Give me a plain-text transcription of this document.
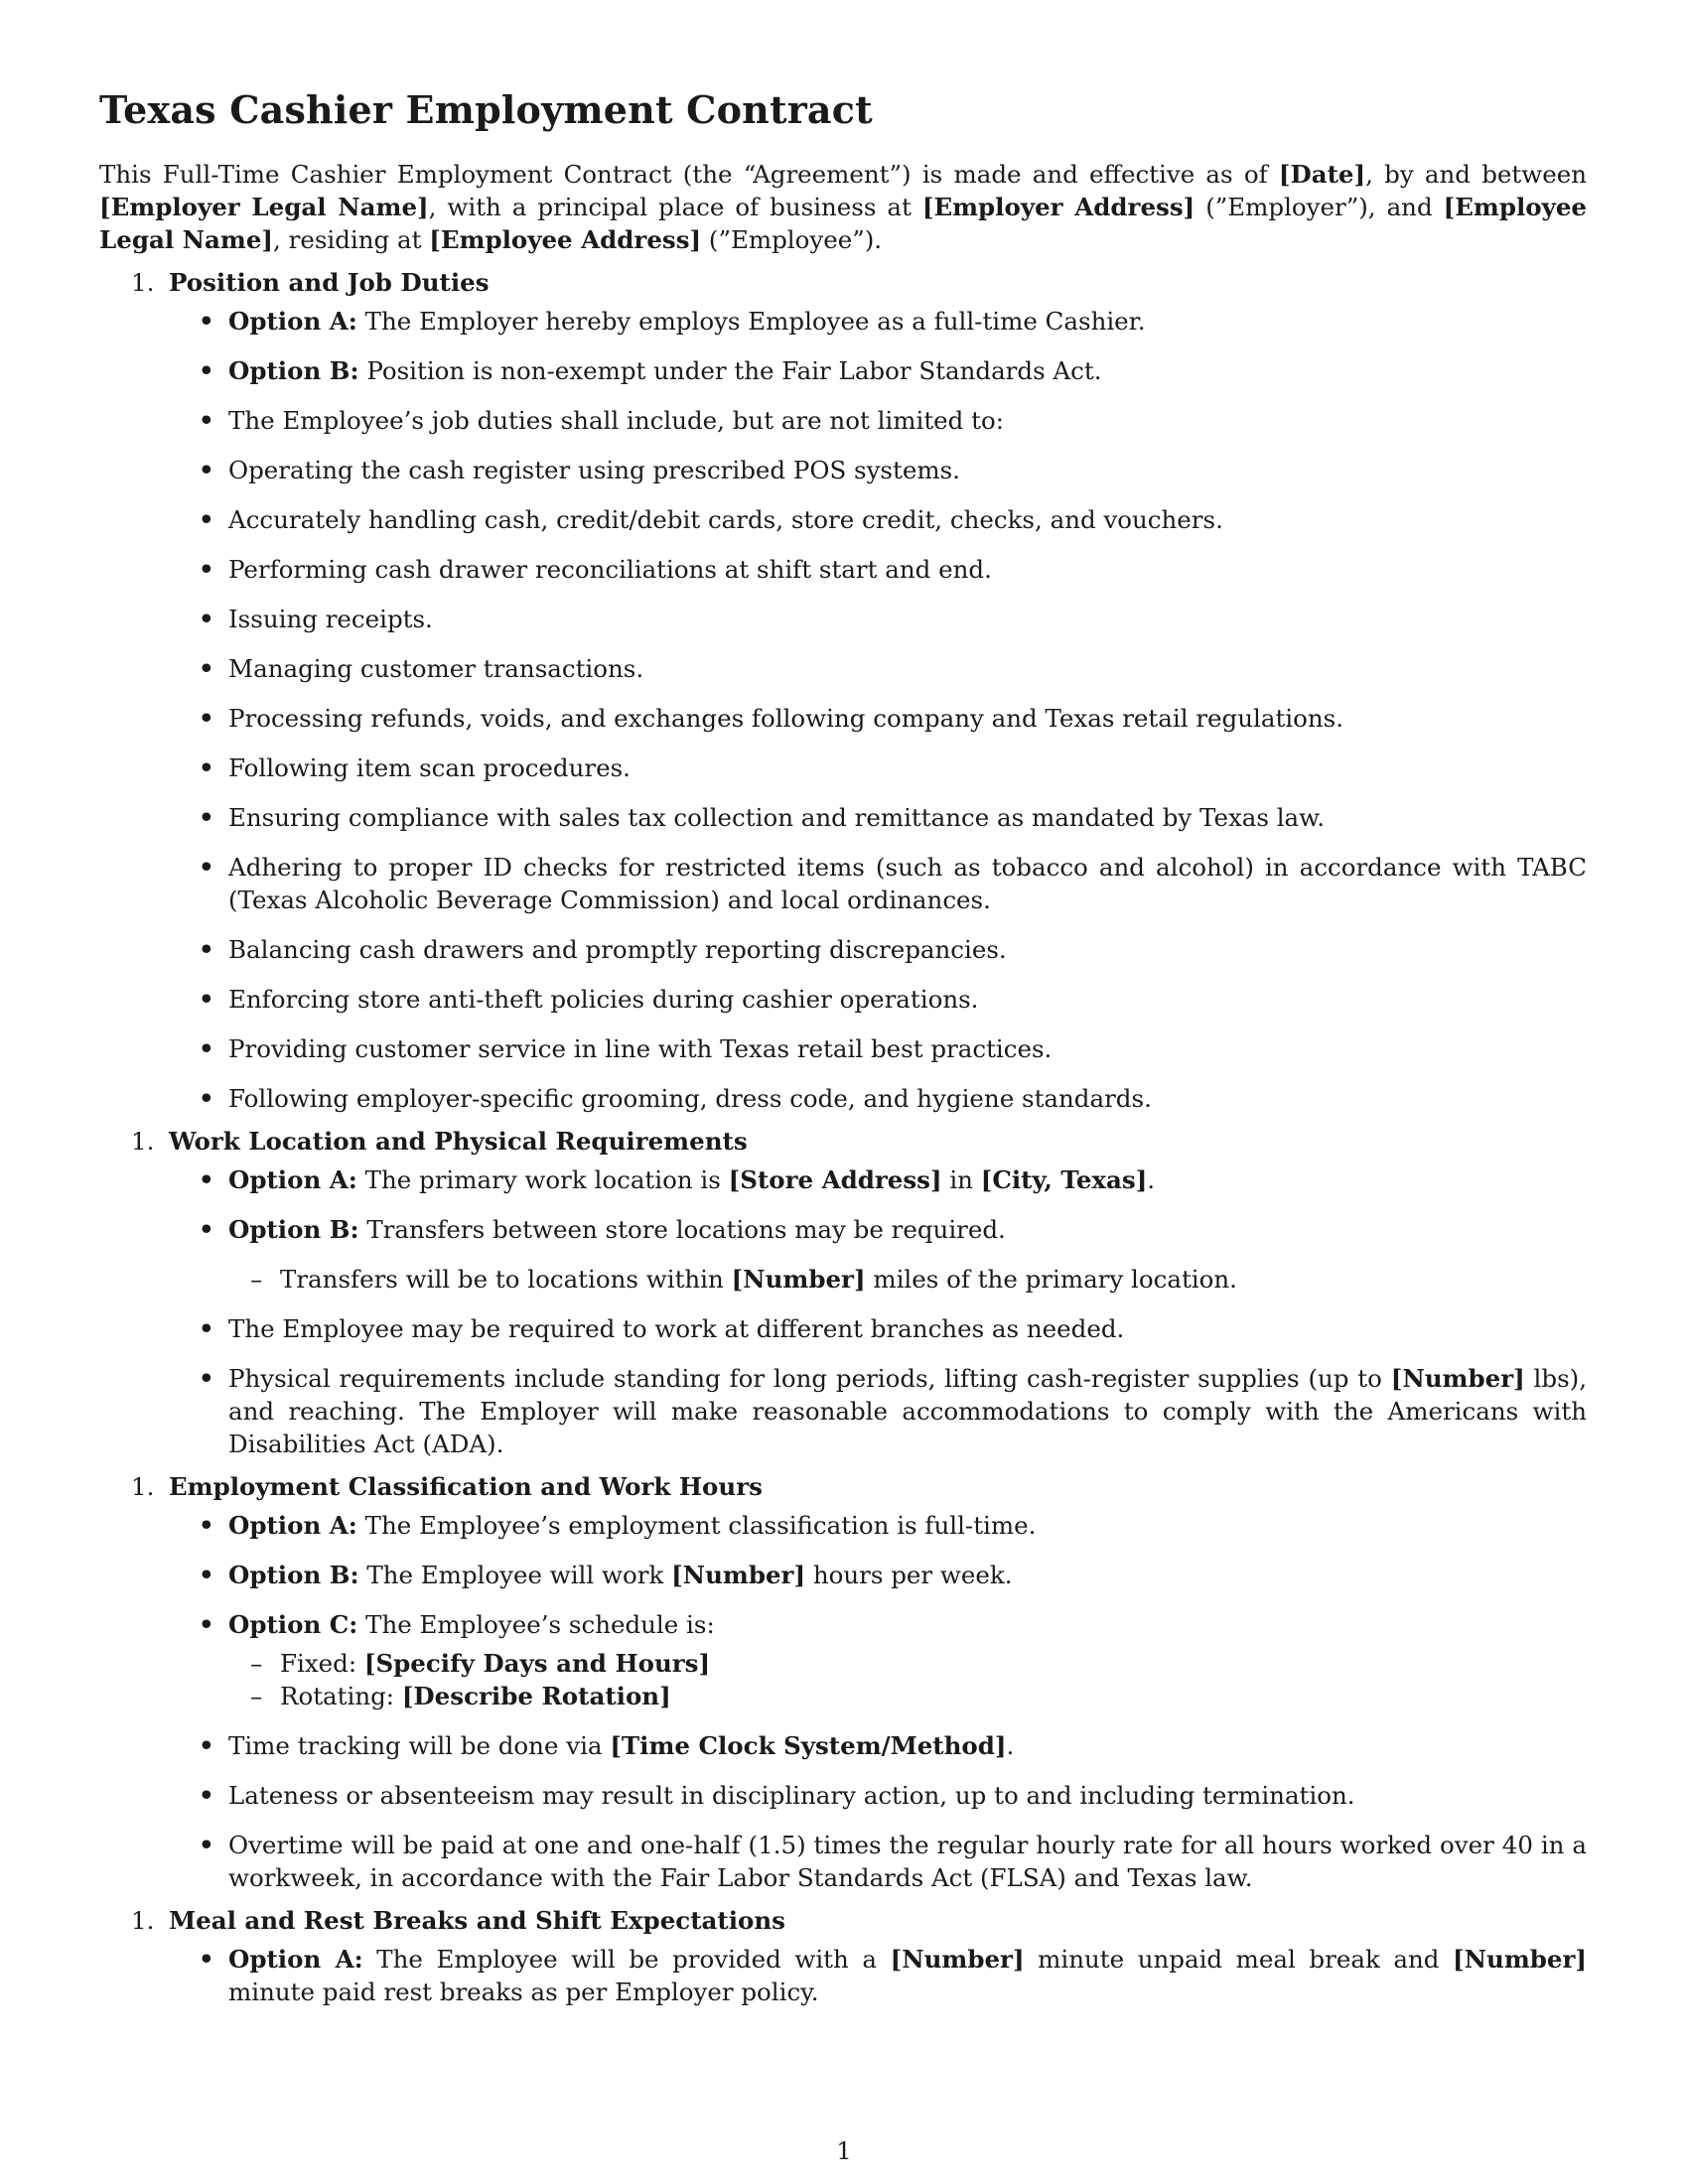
Texas Cashier Employment Contract

This Full-Time Cashier Employment Contract (the “Agreement”) is made and effective as of [Date], by and between [Employer Legal Name], with a principal place of business at [Employer Address] (”Employer”), and [Employee Legal Name], residing at [Employee Address] (”Employee”).

1. Position and Job Duties
• Option A: The Employer hereby employs Employee as a full-time Cashier.
• Option B: Position is non-exempt under the Fair Labor Standards Act.
• The Employee’s job duties shall include, but are not limited to:
• Operating the cash register using prescribed POS systems.
• Accurately handling cash, credit/debit cards, store credit, checks, and vouchers.
• Performing cash drawer reconciliations at shift start and end.
• Issuing receipts.
• Managing customer transactions.
• Processing refunds, voids, and exchanges following company and Texas retail regulations.
• Following item scan procedures.
• Ensuring compliance with sales tax collection and remittance as mandated by Texas law.
• Adhering to proper ID checks for restricted items (such as tobacco and alcohol) in accordance with TABC (Texas Alcoholic Beverage Commission) and local ordinances.
• Balancing cash drawers and promptly reporting discrepancies.
• Enforcing store anti-theft policies during cashier operations.
• Providing customer service in line with Texas retail best practices.
• Following employer-specific grooming, dress code, and hygiene standards.
1. Work Location and Physical Requirements
• Option A: The primary work location is [Store Address] in [City, Texas].
• Option B: Transfers between store locations may be required.
– Transfers will be to locations within [Number] miles of the primary location.
• The Employee may be required to work at different branches as needed.
• Physical requirements include standing for long periods, lifting cash-register supplies (up to [Number] lbs), and reaching. The Employer will make reasonable accommodations to comply with the Americans with Disabilities Act (ADA).
1. Employment Classification and Work Hours
• Option A: The Employee’s employment classification is full-time.
• Option B: The Employee will work [Number] hours per week.
• Option C: The Employee’s schedule is:
– Fixed: [Specify Days and Hours]
– Rotating: [Describe Rotation]
• Time tracking will be done via [Time Clock System/Method].
• Lateness or absenteeism may result in disciplinary action, up to and including termination.
• Overtime will be paid at one and one-half (1.5) times the regular hourly rate for all hours worked over 40 in a workweek, in accordance with the Fair Labor Standards Act (FLSA) and Texas law.
1. Meal and Rest Breaks and Shift Expectations
• Option A: The Employee will be provided with a [Number] minute unpaid meal break and [Number] minute paid rest breaks as per Employer policy.
1
